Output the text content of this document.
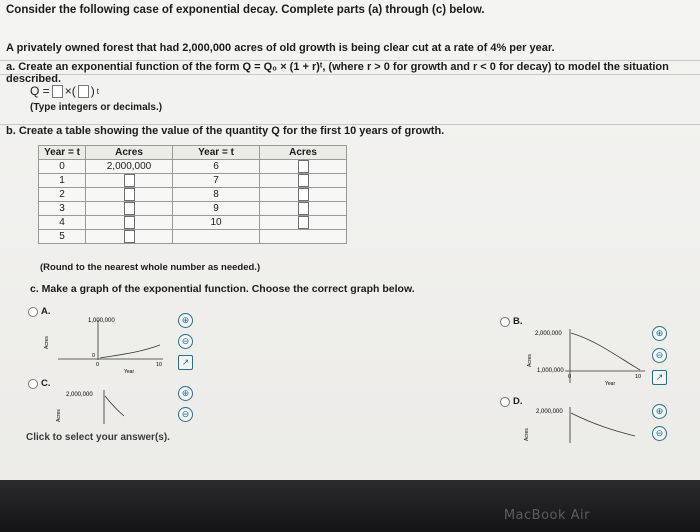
Consider the following case of exponential decay. Complete parts (a) through (c) below.
A privately owned forest that had 2,000,000 acres of old growth is being clear cut at a rate of 4% per year.
a. Create an exponential function of the form Q = Q₀ × (1 + r)ᵗ, (where r > 0 for growth and r < 0 for decay) to model the situation described.
Q = ×( ) t
(Type integers or decimals.)
b. Create a table showing the value of the quantity Q for the first 10 years of growth.
Year = t	Acres	Year = t	Acres
0	2,000,000	6	
1		7	
2		8	
3		9	
4		10	
5			
(Round to the nearest whole number as needed.)
c. Make a graph of the exponential function. Choose the correct graph below.
A.
1,000,000
0
0	10
Year
Acres
⊕
⊖
↗
B.
2,000,000
1,000,000
0	10
Year
Acres
⊕
⊖
↗
C.
2,000,000
Acres
⊕
⊖
D.
2,000,000
Acres
⊕
⊖
Click to select your answer(s).
MacBook Air
